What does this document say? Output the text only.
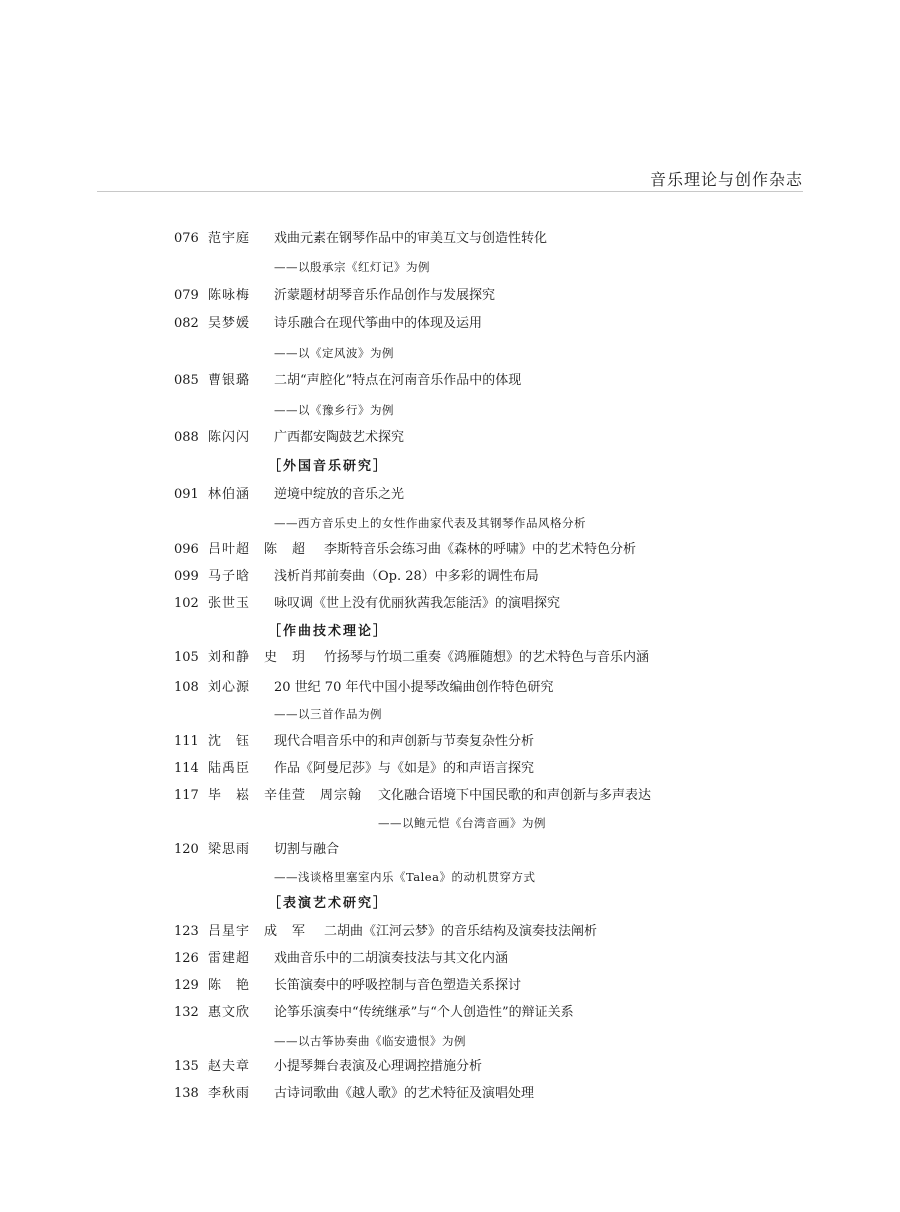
音乐理论与创作杂志
076 范宇庭 戏曲元素在钢琴作品中的审美互文与创造性转化
——以殷承宗《红灯记》为例
079 陈咏梅 沂蒙题材胡琴音乐作品创作与发展探究
082 吴梦媛 诗乐融合在现代筝曲中的体现及运用
——以《定风波》为例
085 曹银璐 二胡“声腔化”特点在河南音乐作品中的体现
——以《豫乡行》为例
088 陈闪闪 广西都安陶鼓艺术探究
［外国音乐研究］
091 林伯涵 逆境中绽放的音乐之光
——西方音乐史上的女性作曲家代表及其钢琴作品风格分析
096 吕叶超　陈　超 李斯特音乐会练习曲《森林的呼啸》中的艺术特色分析
099 马子晗 浅析肖邦前奏曲（Op. 28）中多彩的调性布局
102 张世玉 咏叹调《世上没有优丽狄茜我怎能活》的演唱探究
［作曲技术理论］
105 刘和静　史　玥 竹扬琴与竹埙二重奏《鸿雁随想》的艺术特色与音乐内涵
108 刘心源 20 世纪 70 年代中国小提琴改编曲创作特色研究
——以三首作品为例
111 沈　钰 现代合唱音乐中的和声创新与节奏复杂性分析
114 陆禹臣 作品《阿曼尼莎》与《如是》的和声语言探究
117 毕　崧　辛佳萱　周宗翰 文化融合语境下中国民歌的和声创新与多声表达
——以鲍元恺《台湾音画》为例
120 梁思雨 切割与融合
——浅谈格里塞室内乐《Talea》的动机贯穿方式
［表演艺术研究］
123 吕星宇　成　军 二胡曲《江河云梦》的音乐结构及演奏技法阐析
126 雷建超 戏曲音乐中的二胡演奏技法与其文化内涵
129 陈　艳 长笛演奏中的呼吸控制与音色塑造关系探讨
132 惠文欣 论筝乐演奏中“传统继承”与“个人创造性”的辩证关系
——以古筝协奏曲《临安遗恨》为例
135 赵夫章 小提琴舞台表演及心理调控措施分析
138 李秋雨 古诗词歌曲《越人歌》的艺术特征及演唱处理
